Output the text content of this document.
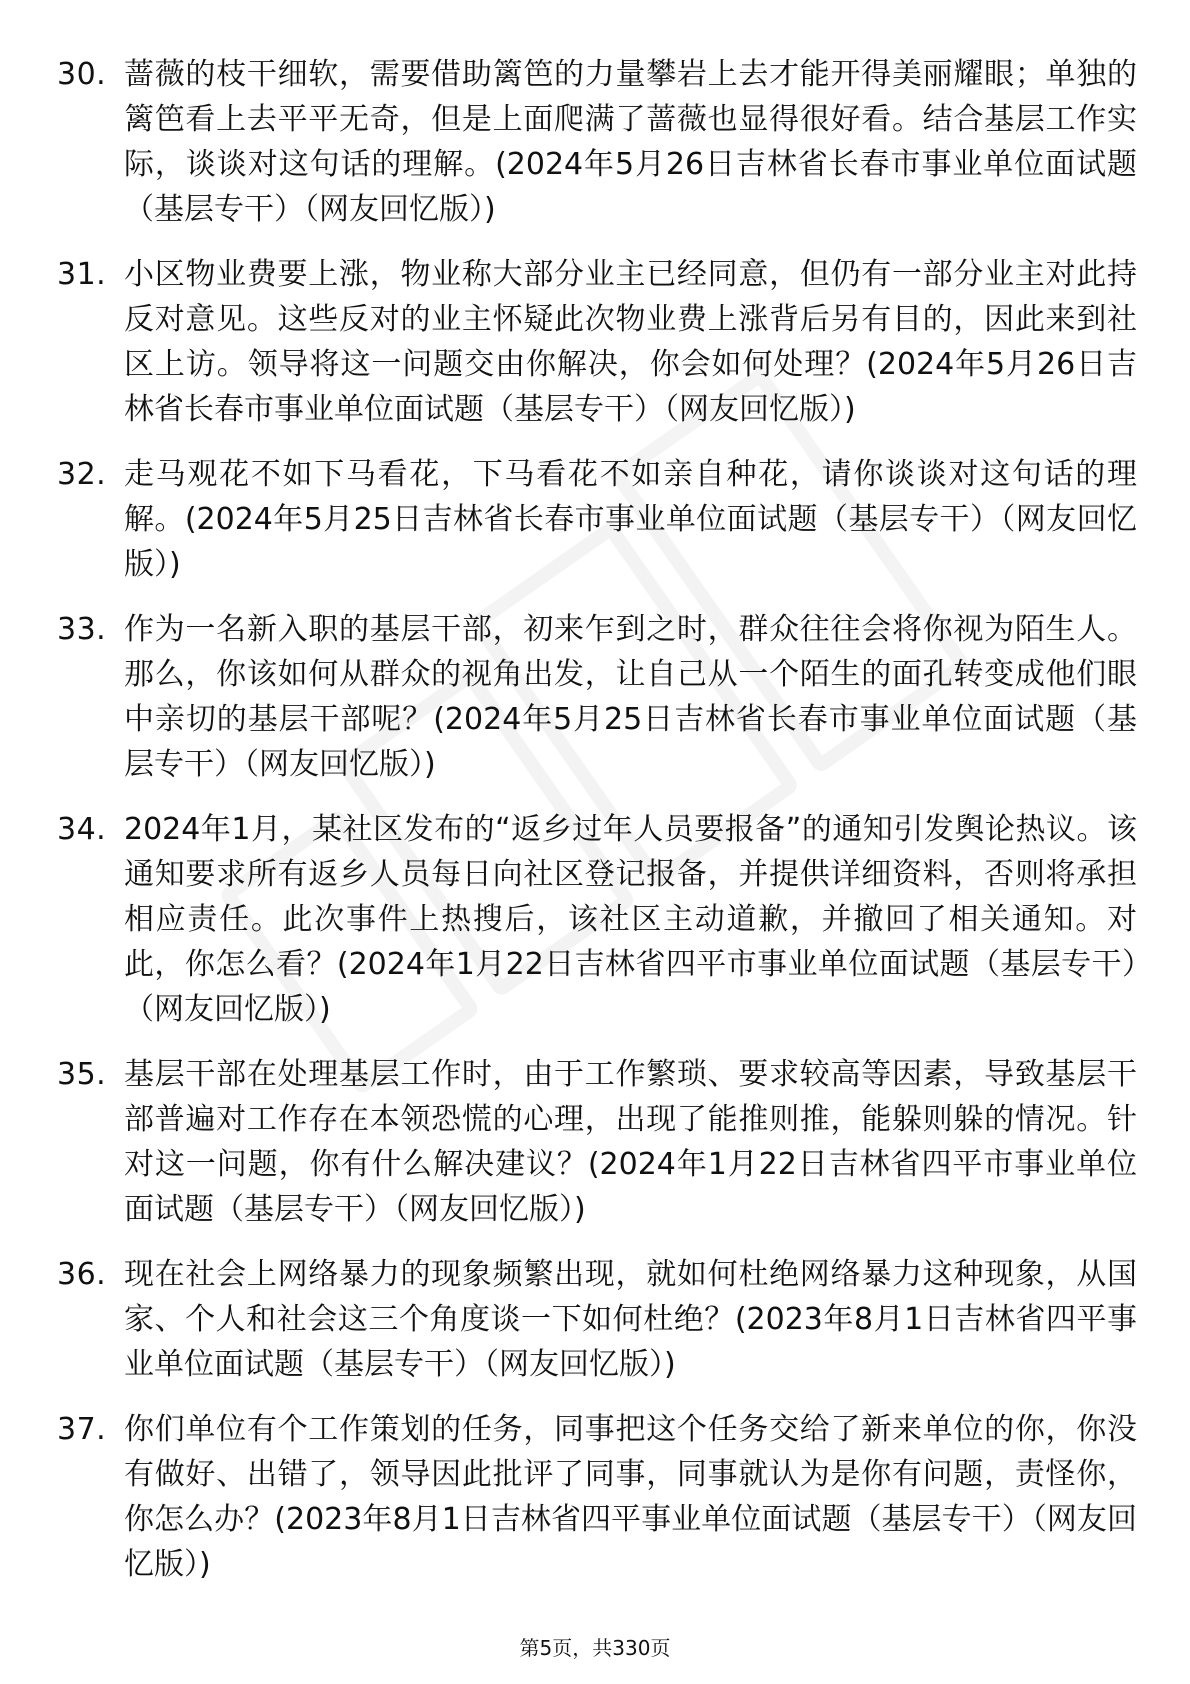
30. 蔷薇的枝干细软，需要借助篱笆的力量攀岩上去才能开得美丽耀眼；单独的篱笆看上去平平无奇，但是上面爬满了蔷薇也显得很好看。结合基层工作实际，谈谈对这句话的理解。(2024年5月26日吉林省长春市事业单位面试题（基层专干）（网友回忆版）)
31. 小区物业费要上涨，物业称大部分业主已经同意，但仍有一部分业主对此持反对意见。这些反对的业主怀疑此次物业费上涨背后另有目的，因此来到社区上访。领导将这一问题交由你解决，你会如何处理？(2024年5月26日吉林省长春市事业单位面试题（基层专干）（网友回忆版）)
32. 走马观花不如下马看花，下马看花不如亲自种花，请你谈谈对这句话的理解。(2024年5月25日吉林省长春市事业单位面试题（基层专干）（网友回忆版）)
33. 作为一名新入职的基层干部，初来乍到之时，群众往往会将你视为陌生人。那么，你该如何从群众的视角出发，让自己从一个陌生的面孔转变成他们眼中亲切的基层干部呢？(2024年5月25日吉林省长春市事业单位面试题（基层专干）（网友回忆版）)
34. 2024年1月，某社区发布的“返乡过年人员要报备”的通知引发舆论热议。该通知要求所有返乡人员每日向社区登记报备，并提供详细资料，否则将承担相应责任。此次事件上热搜后，该社区主动道歉，并撤回了相关通知。对此，你怎么看？(2024年1月22日吉林省四平市事业单位面试题（基层专干）（网友回忆版）)
35. 基层干部在处理基层工作时，由于工作繁琐、要求较高等因素，导致基层干部普遍对工作存在本领恐慌的心理，出现了能推则推，能躲则躲的情况。针对这一问题，你有什么解决建议？(2024年1月22日吉林省四平市事业单位面试题（基层专干）（网友回忆版）)
36. 现在社会上网络暴力的现象频繁出现，就如何杜绝网络暴力这种现象，从国家、个人和社会这三个角度谈一下如何杜绝？(2023年8月1日吉林省四平事业单位面试题（基层专干）（网友回忆版）)
37. 你们单位有个工作策划的任务，同事把这个任务交给了新来单位的你，你没有做好、出错了，领导因此批评了同事，同事就认为是你有问题，责怪你，你怎么办？(2023年8月1日吉林省四平事业单位面试题（基层专干）（网友回忆版）)
第5页，共330页
